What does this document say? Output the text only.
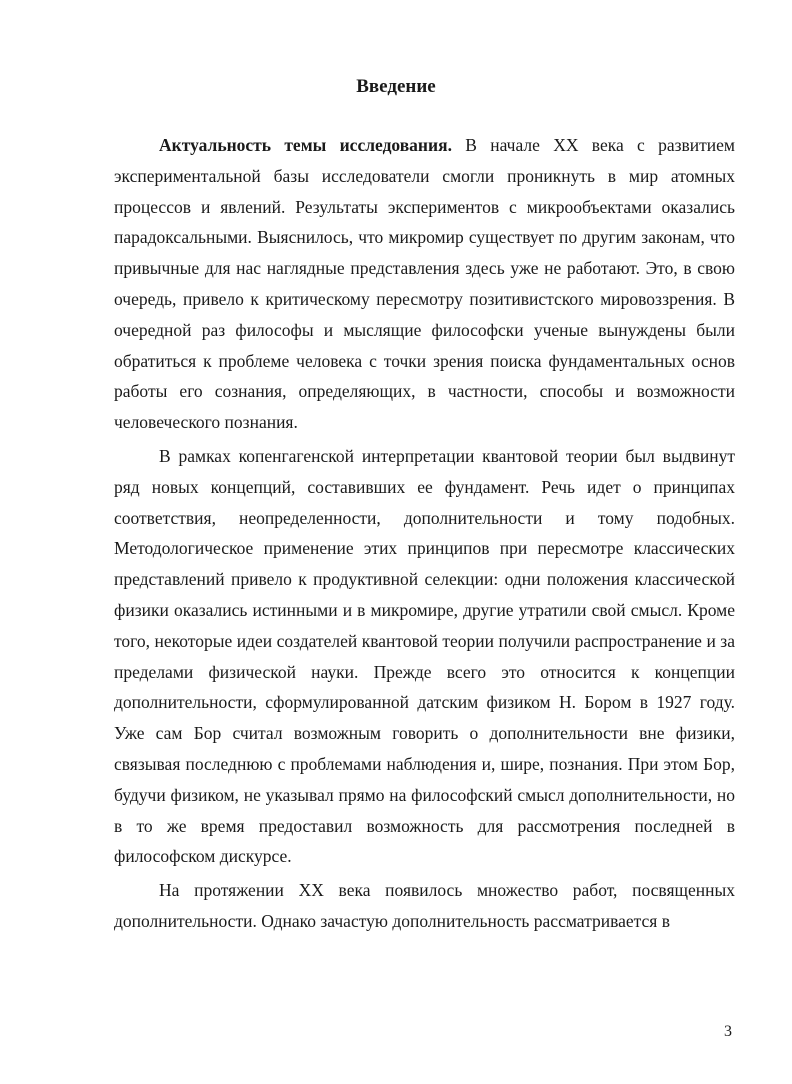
Введение

Актуальность темы исследования. В начале XX века с развитием экспериментальной базы исследователи смогли проникнуть в мир атомных процессов и явлений. Результаты экспериментов с микрообъектами оказались парадоксальными. Выяснилось, что микромир существует по другим законам, что привычные для нас наглядные представления здесь уже не работают. Это, в свою очередь, привело к критическому пересмотру позитивистского мировоззрения. В очередной раз философы и мыслящие философски ученые вынуждены были обратиться к проблеме человека с точки зрения поиска фундаментальных основ работы его сознания, определяющих, в частности, способы и возможности человеческого познания.

В рамках копенгагенской интерпретации квантовой теории был выдвинут ряд новых концепций, составивших ее фундамент. Речь идет о принципах соответствия, неопределенности, дополнительности и тому подобных. Методологическое применение этих принципов при пересмотре классических представлений привело к продуктивной селекции: одни положения классической физики оказались истинными и в микромире, другие утратили свой смысл. Кроме того, некоторые идеи создателей квантовой теории получили распространение и за пределами физической науки. Прежде всего это относится к концепции дополнительности, сформулированной датским физиком Н. Бором в 1927 году. Уже сам Бор считал возможным говорить о дополнительности вне физики, связывая последнюю с проблемами наблюдения и, шире, познания. При этом Бор, будучи физиком, не указывал прямо на философский смысл дополнительности, но в то же время предоставил возможность для рассмотрения последней в философском дискурсе.

На протяжении XX века появилось множество работ, посвященных дополнительности. Однако зачастую дополнительность рассматривается в

3
